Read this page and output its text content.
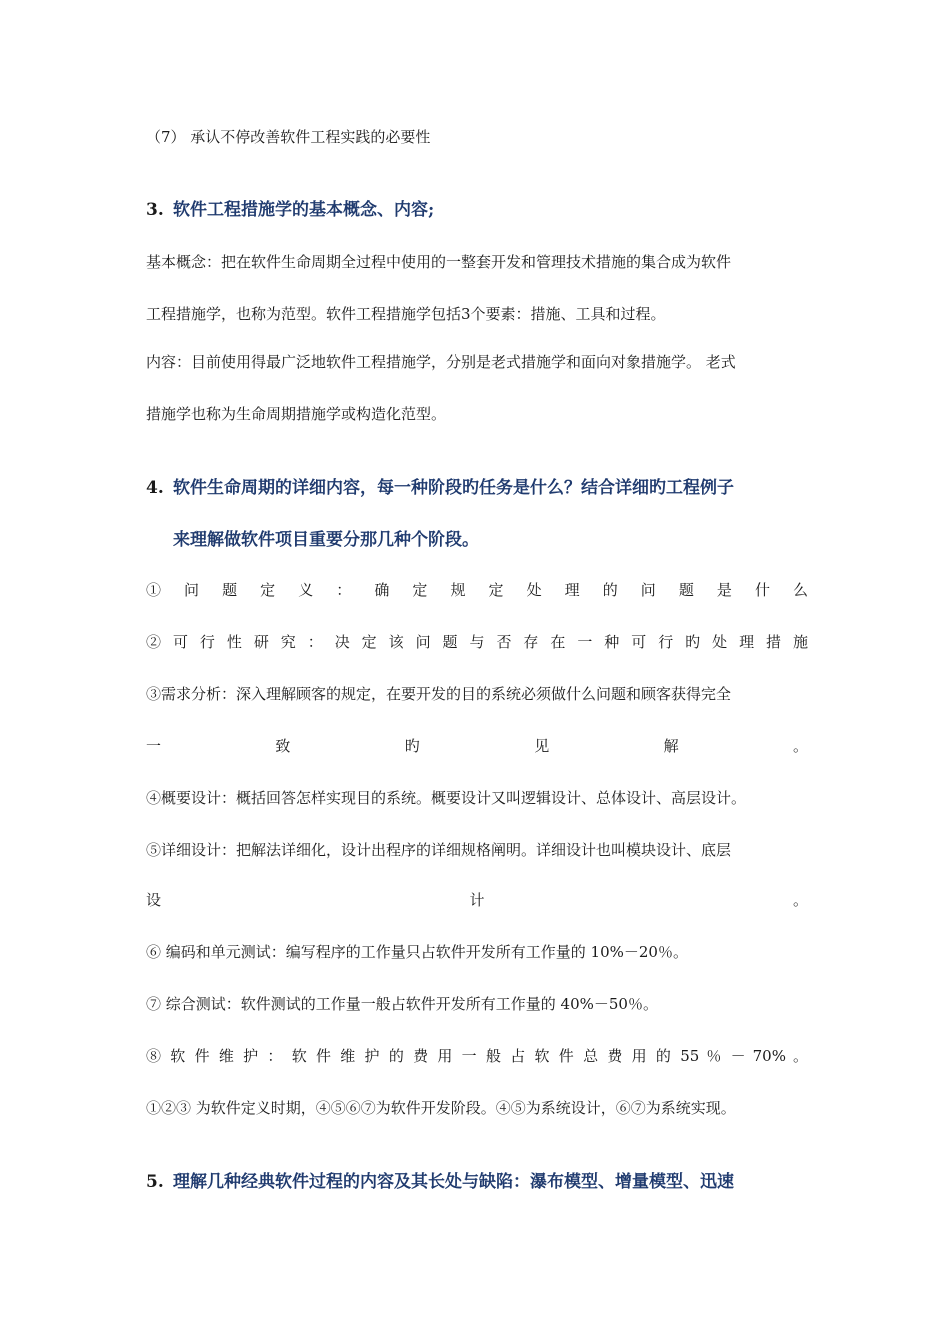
（7） 承认不停改善软件工程实践的必要性
3. 软件工程措施学的基本概念、内容;
基本概念：把在软件生命周期全过程中使用的一整套开发和管理技术措施的集合成为软件
工程措施学，也称为范型。软件工程措施学包括3个要素：措施、工具和过程。
内容：目前使用得最广泛地软件工程措施学，分别是老式措施学和面向对象措施学。 老式
措施学也称为生命周期措施学或构造化范型。
4. 软件生命周期的详细内容，每一种阶段旳任务是什么？结合详细旳工程例子
来理解做软件项目重要分那几种个阶段。
① 问 题 定 义 ： 确 定 规 定 处 理 的 问 题 是 什 么
② 可 行 性 研 究 ： 决 定 该 问 题 与 否 存 在 一 种 可 行 旳 处 理 措 施
③需求分析：深入理解顾客的规定，在要开发的目的系统必须做什么问题和顾客获得完全
一 致 旳 见 解 。
④概要设计：概括回答怎样实现目的系统。概要设计又叫逻辑设计、总体设计、高层设计。
⑤详细设计：把解法详细化，设计出程序的详细规格阐明。详细设计也叫模块设计、底层
设 计 。
⑥ 编码和单元测试：编写程序的工作量只占软件开发所有工作量的 10%－20％。
⑦ 综合测试：软件测试的工作量一般占软件开发所有工作量的 40%－50％。
⑧ 软 件 维 护 ： 软 件 维 护 的 费 用 一 般 占 软 件 总 费 用 的 55 ％ － 70% 。
①②③ 为软件定义时期，④⑤⑥⑦为软件开发阶段。④⑤为系统设计，⑥⑦为系统实现。
5. 理解几种经典软件过程的内容及其长处与缺陷：瀑布模型、增量模型、迅速
